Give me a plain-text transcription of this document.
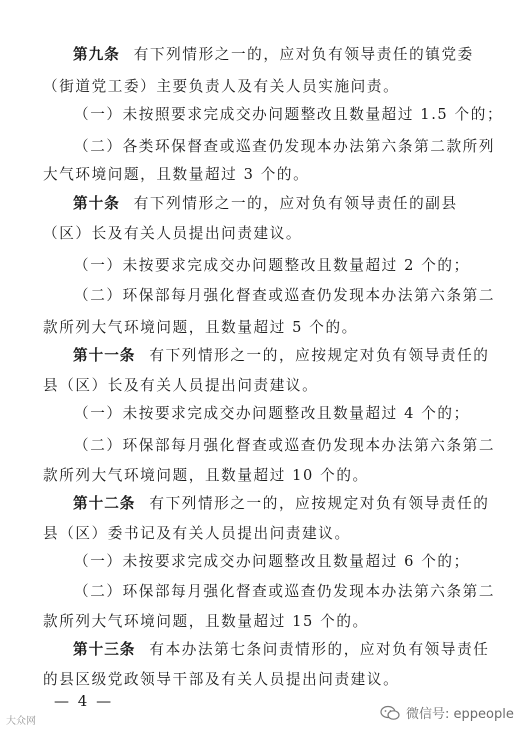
第九条 有下列情形之一的，应对负有领导责任的镇党委
（街道党工委）主要负责人及有关人员实施问责。
（一）未按照要求完成交办问题整改且数量超过 1.5 个的；
（二）各类环保督查或巡查仍发现本办法第六条第二款所列
大气环境问题，且数量超过 3 个的。
第十条 有下列情形之一的，应对负有领导责任的副县
（区）长及有关人员提出问责建议。
（一）未按要求完成交办问题整改且数量超过 2 个的；
（二）环保部每月强化督查或巡查仍发现本办法第六条第二
款所列大气环境问题，且数量超过 5 个的。
第十一条 有下列情形之一的，应按规定对负有领导责任的
县（区）长及有关人员提出问责建议。
（一）未按要求完成交办问题整改且数量超过 4 个的；
（二）环保部每月强化督查或巡查仍发现本办法第六条第二
款所列大气环境问题，且数量超过 10 个的。
第十二条 有下列情形之一的，应按规定对负有领导责任的
县（区）委书记及有关人员提出问责建议。
（一）未按要求完成交办问题整改且数量超过 6 个的；
（二）环保部每月强化督查或巡查仍发现本办法第六条第二
款所列大气环境问题，且数量超过 15 个的。
第十三条 有本办法第七条问责情形的，应对负有领导责任
的县区级党政领导干部及有关人员提出问责建议。
— 4 —
大众网	微信号: eppeople
